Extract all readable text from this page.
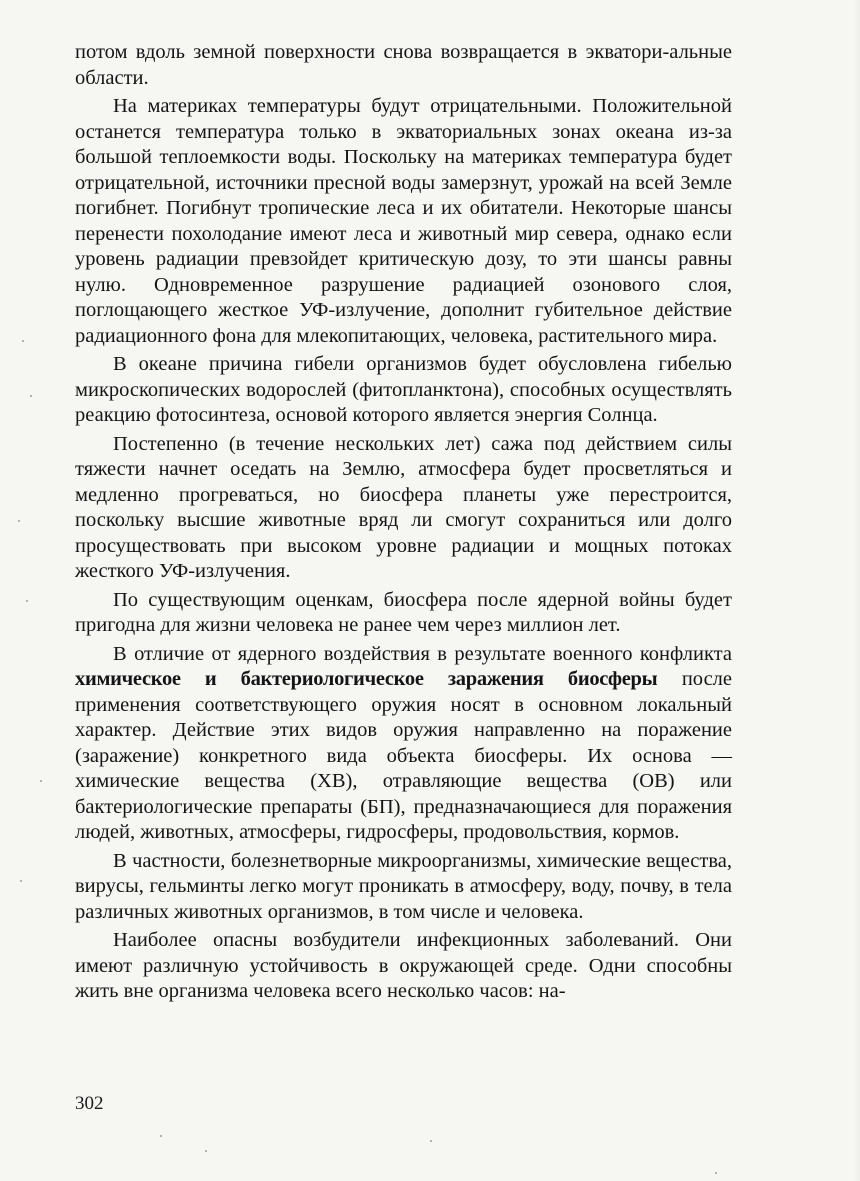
потом вдоль земной поверхности снова возвращается в экватори-альные области.

На материках температуры будут отрицательными. Положительной останется температура только в экваториальных зонах океана из-за большой теплоемкости воды. Поскольку на материках температура будет отрицательной, источники пресной воды замерзнут, урожай на всей Земле погибнет. Погибнут тропические леса и их обитатели. Некоторые шансы перенести похолодание имеют леса и животный мир севера, однако если уровень радиации превзойдет критическую дозу, то эти шансы равны нулю. Одновременное разрушение радиацией озонового слоя, поглощающего жесткое УФ-излучение, дополнит губительное действие радиационного фона для млекопитающих, человека, растительного мира.

В океане причина гибели организмов будет обусловлена гибелью микроскопических водорослей (фитопланктона), способных осуществлять реакцию фотосинтеза, основой которого является энергия Солнца.

Постепенно (в течение нескольких лет) сажа под действием силы тяжести начнет оседать на Землю, атмосфера будет просветляться и медленно прогреваться, но биосфера планеты уже перестроится, поскольку высшие животные вряд ли смогут сохраниться или долго просуществовать при высоком уровне радиации и мощных потоках жесткого УФ-излучения.

По существующим оценкам, биосфера после ядерной войны будет пригодна для жизни человека не ранее чем через миллион лет.

В отличие от ядерного воздействия в результате военного конфликта химическое и бактериологическое заражения биосферы после применения соответствующего оружия носят в основном локальный характер. Действие этих видов оружия направленно на поражение (заражение) конкретного вида объекта биосферы. Их основа — химические вещества (ХВ), отравляющие вещества (ОВ) или бактериологические препараты (БП), предназначающиеся для поражения людей, животных, атмосферы, гидросферы, продовольствия, кормов.

В частности, болезнетворные микроорганизмы, химические вещества, вирусы, гельминты легко могут проникать в атмосферу, воду, почву, в тела различных животных организмов, в том числе и человека.

Наиболее опасны возбудители инфекционных заболеваний. Они имеют различную устойчивость в окружающей среде. Одни способны жить вне организма человека всего несколько часов: на-

302
